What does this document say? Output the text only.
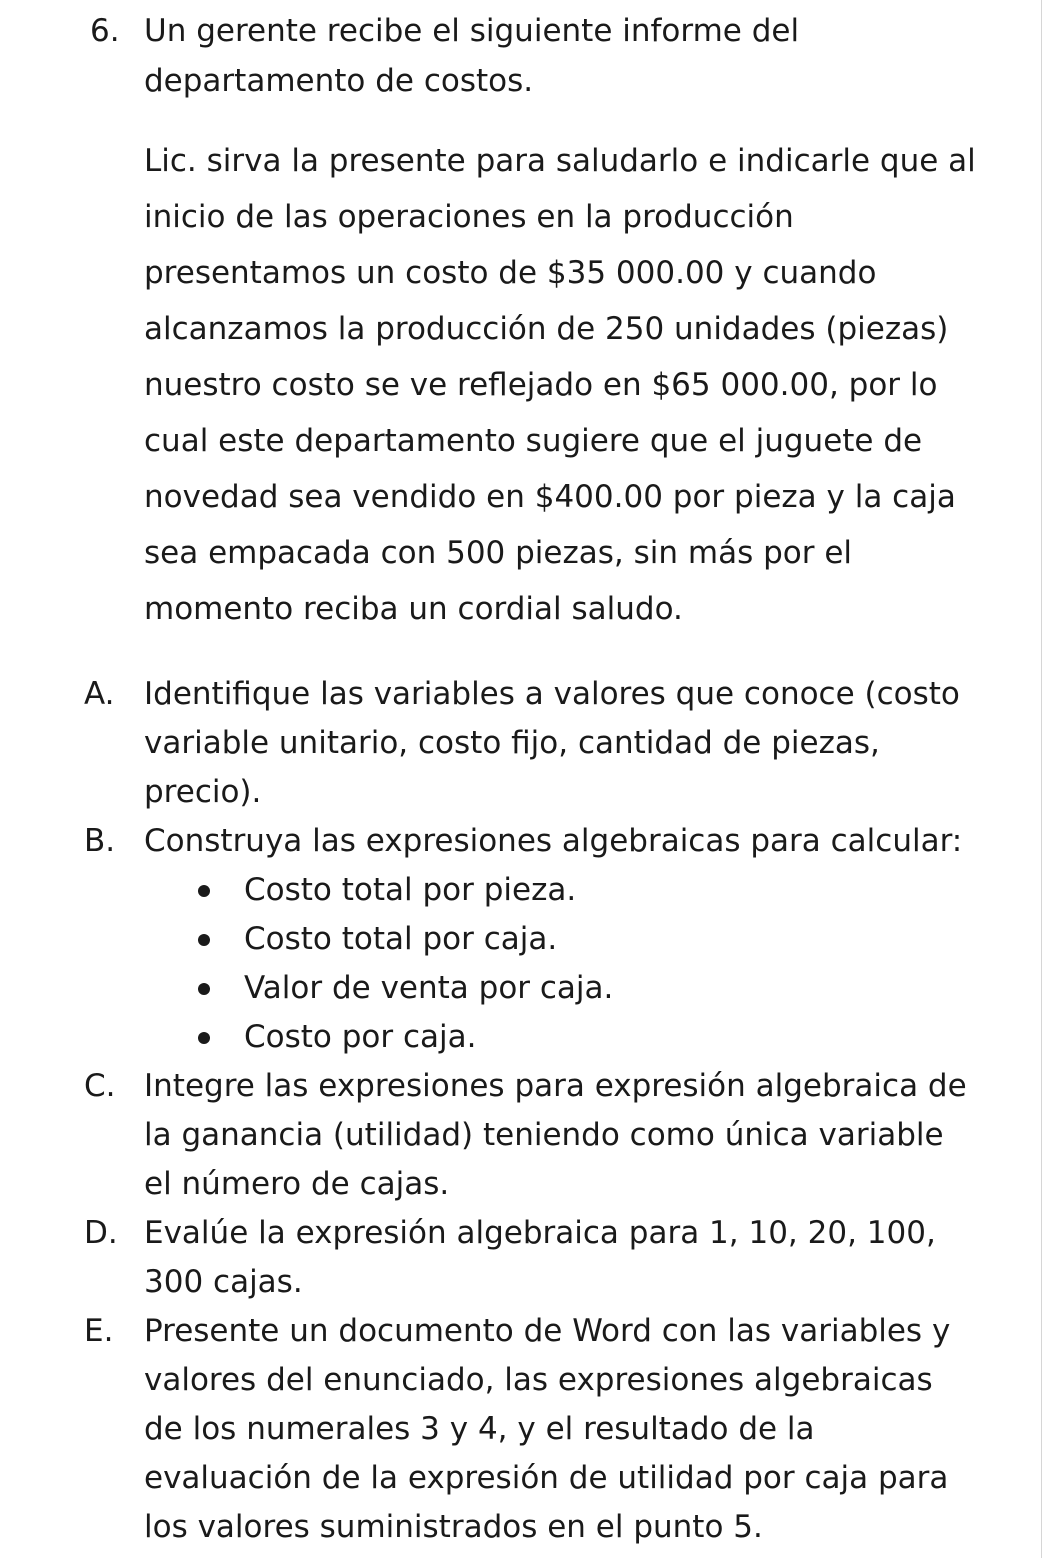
6. Un gerente recibe el siguiente informe del
departamento de costos.
Lic. sirva la presente para saludarlo e indicarle que al
inicio de las operaciones en la producción
presentamos un costo de $35 000.00 y cuando
alcanzamos la producción de 250 unidades (piezas)
nuestro costo se ve reflejado en $65 000.00, por lo
cual este departamento sugiere que el juguete de
novedad sea vendido en $400.00 por pieza y la caja
sea empacada con 500 piezas, sin más por el
momento reciba un cordial saludo.
A. Identifique las variables a valores que conoce (costo
variable unitario, costo fijo, cantidad de piezas,
precio).
B. Construya las expresiones algebraicas para calcular:
Costo total por pieza.
Costo total por caja.
Valor de venta por caja.
Costo por caja.
C. Integre las expresiones para expresión algebraica de
la ganancia (utilidad) teniendo como única variable
el número de cajas.
D. Evalúe la expresión algebraica para 1, 10, 20, 100,
300 cajas.
E. Presente un documento de Word con las variables y
valores del enunciado, las expresiones algebraicas
de los numerales 3 y 4, y el resultado de la
evaluación de la expresión de utilidad por caja para
los valores suministrados en el punto 5.
